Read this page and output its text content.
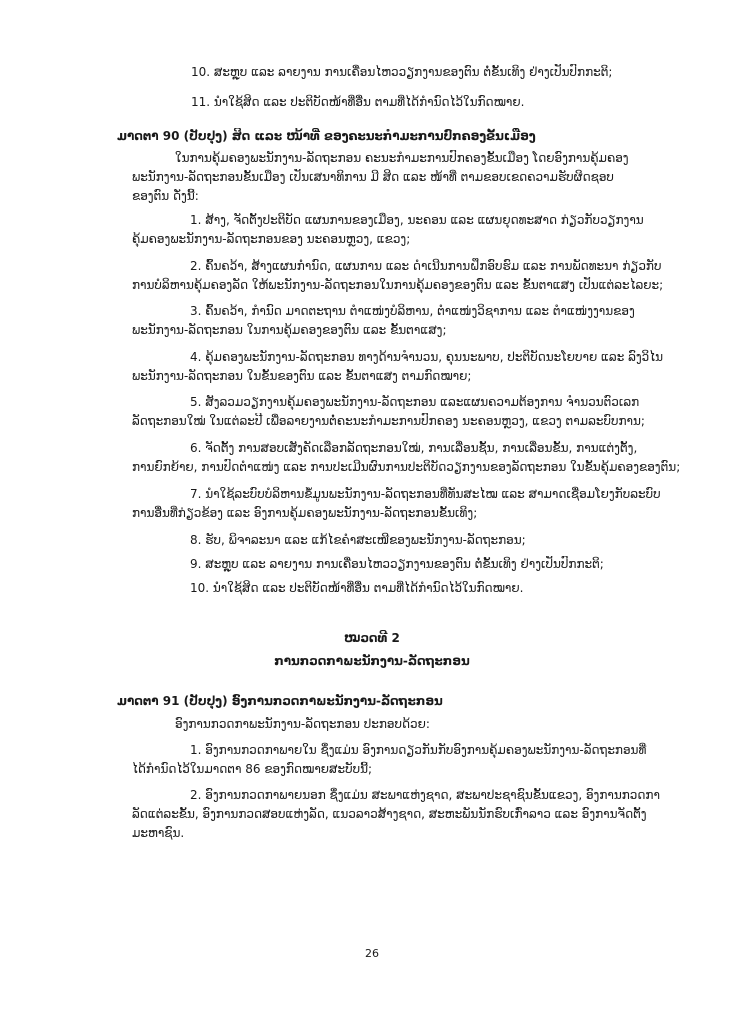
10. ສະຫຼຸບ ແລະ ລາຍງານ ການເຄື່ອນໄຫວວຽກງານຂອງຕົນ ຕໍ່ຂັ້ນເທິງ ຢ່າງເປັນປົກກະຕິ;
11. ນຳໃຊ້ສິດ ແລະ ປະຕິບັດໜ້າທີ່ອື່ນ ຕາມທີ່ໄດ້ກຳນົດໄວ້ໃນກົດໝາຍ.
ມາດຕາ 90 (ປັບປຸງ) ສິດ ແລະ ໜ້າທີ່ ຂອງຄະນະກຳມະການປົກຄອງຂັ້ນເມືອງ
ໃນການຄຸ້ມຄອງພະນັກງານ-ລັດຖະກອນ ຄະນະກຳມະການປົກຄອງຂັ້ນເມືອງ ໂດຍອົງການຄຸ້ມຄອງ
ພະນັກງານ-ລັດຖະກອນຂັ້ນເມືອງ ເປັນເສນາທິການ ມີ ສິດ ແລະ ໜ້າທີ່ ຕາມຂອບເຂດຄວາມຮັບຜິດຊອບ
ຂອງຕົນ ດັ່ງນີ້:
1. ສ້າງ, ຈັດຕັ້ງປະຕິບັດ ແຜນການຂອງເມືອງ, ນະຄອນ ແລະ ແຜນຍຸດທະສາດ ກ່ຽວກັບວຽກງານ
ຄຸ້ມຄອງພະນັກງານ-ລັດຖະກອນຂອງ ນະຄອນຫຼວງ, ແຂວງ;
2. ຄົ້ນຄວ້າ, ສ້າງແຜນກຳນົດ, ແຜນການ ແລະ ດຳເນີນການຝຶກອົບຮົມ ແລະ ການພັດທະນາ ກ່ຽວກັບ
ການບໍລິຫານຄຸ້ມຄອງລັດ ໃຫ້ພະນັກງານ-ລັດຖະກອນໃນການຄຸ້ມຄອງຂອງຕົນ ແລະ ຂັ້ນຕາແສງ ເປັນແຕ່ລະໄລຍະ;
3. ຄົ້ນຄວ້າ, ກຳນົດ ມາດຕະຖານ ຕຳແໜ່ງບໍລິຫານ, ຕຳແໜ່ງວິຊາການ ແລະ ຕຳແໜ່ງງານຂອງ
ພະນັກງານ-ລັດຖະກອນ ໃນການຄຸ້ມຄອງຂອງຕົນ ແລະ ຂັ້ນຕາແສງ;
4. ຄຸ້ມຄອງພະນັກງານ-ລັດຖະກອນ ທາງດ້ານຈຳນວນ, ຄຸນນະພາບ, ປະຕິບັດນະໂຍບາຍ ແລະ ລົງວິໄນ
ພະນັກງານ-ລັດຖະກອນ ໃນຂັ້ນຂອງຕົນ ແລະ ຂັ້ນຕາແສງ ຕາມກົດໝາຍ;
5. ສັງລວມວຽກງານຄຸ້ມຄອງພະນັກງານ-ລັດຖະກອນ ແລະແຜນຄວາມຕ້ອງການ ຈຳນວນຕົວເລກ
ລັດຖະກອນໃໝ່ ໃນແຕ່ລະປີ ເພື່ອລາຍງານຕໍ່ຄະນະກຳມະການປົກຄອງ ນະຄອນຫຼວງ, ແຂວງ ຕາມລະບົບການ;
6. ຈັດຕັ້ງ ການສອບເສັງຄັດເລືອກລັດຖະກອນໃໝ່, ການເລື່ອນຊັ້ນ, ການເລື່ອນຂັ້ນ, ການແຕ່ງຕັ້ງ,
ການຍົກຍ້າຍ, ການປົດຕຳແໜ່ງ ແລະ ການປະເມີນຜົນການປະຕິບັດວຽກງານຂອງລັດຖະກອນ ໃນຂັ້ນຄຸ້ມຄອງຂອງຕົນ;
7. ນຳໃຊ້ລະບົບບໍລິຫານຂໍ້ມູນພະນັກງານ-ລັດຖະກອນທີ່ທັນສະໄໝ ແລະ ສາມາດເຊື່ອມໂຍງກັບລະບົບ
ການອື່ນທີ່ກ່ຽວຂ້ອງ ແລະ ອົງການຄຸ້ມຄອງພະນັກງານ-ລັດຖະກອນຂັ້ນເທິງ;
8. ຮັບ, ພິຈາລະນາ ແລະ ແກ້ໄຂຄຳສະເໜີຂອງພະນັກງານ-ລັດຖະກອນ;
9. ສະຫຼຸບ ແລະ ລາຍງານ ການເຄື່ອນໄຫວວຽກງານຂອງຕົນ ຕໍ່ຂັ້ນເທິງ ຢ່າງເປັນປົກກະຕິ;
10. ນຳໃຊ້ສິດ ແລະ ປະຕິບັດໜ້າທີ່ອື່ນ ຕາມທີ່ໄດ້ກຳນົດໄວ້ໃນກົດໝາຍ.
ໝວດທີ 2
ການກວດກາພະນັກງານ-ລັດຖະກອນ
ມາດຕາ 91 (ປັບປຸງ) ອົງການກວດກາພະນັກງານ-ລັດຖະກອນ
ອົງການກວດກາພະນັກງານ-ລັດຖະກອນ ປະກອບດ້ວຍ:
1. ອົງການກວດກາພາຍໃນ ຊຶ່ງແມ່ນ ອົງການດຽວກັນກັບອົງການຄຸ້ມຄອງພະນັກງານ-ລັດຖະກອນທີ່
ໄດ້ກຳນົດໄວ້ໃນມາດຕາ 86 ຂອງກົດໝາຍສະບັບນີ້;
2. ອົງການກວດກາພາຍນອກ ຊຶ່ງແມ່ນ ສະພາແຫ່ງຊາດ, ສະພາປະຊາຊົນຂັ້ນແຂວງ, ອົງການກວດກາ
ລັດແຕ່ລະຂັ້ນ, ອົງການກວດສອບແຫ່ງລັດ, ແນວລາວສ້າງຊາດ, ສະຫະພັນນັກຮົບເກົ່າລາວ ແລະ ອົງການຈັດຕັ້ງ
ມະຫາຊົນ.
26
